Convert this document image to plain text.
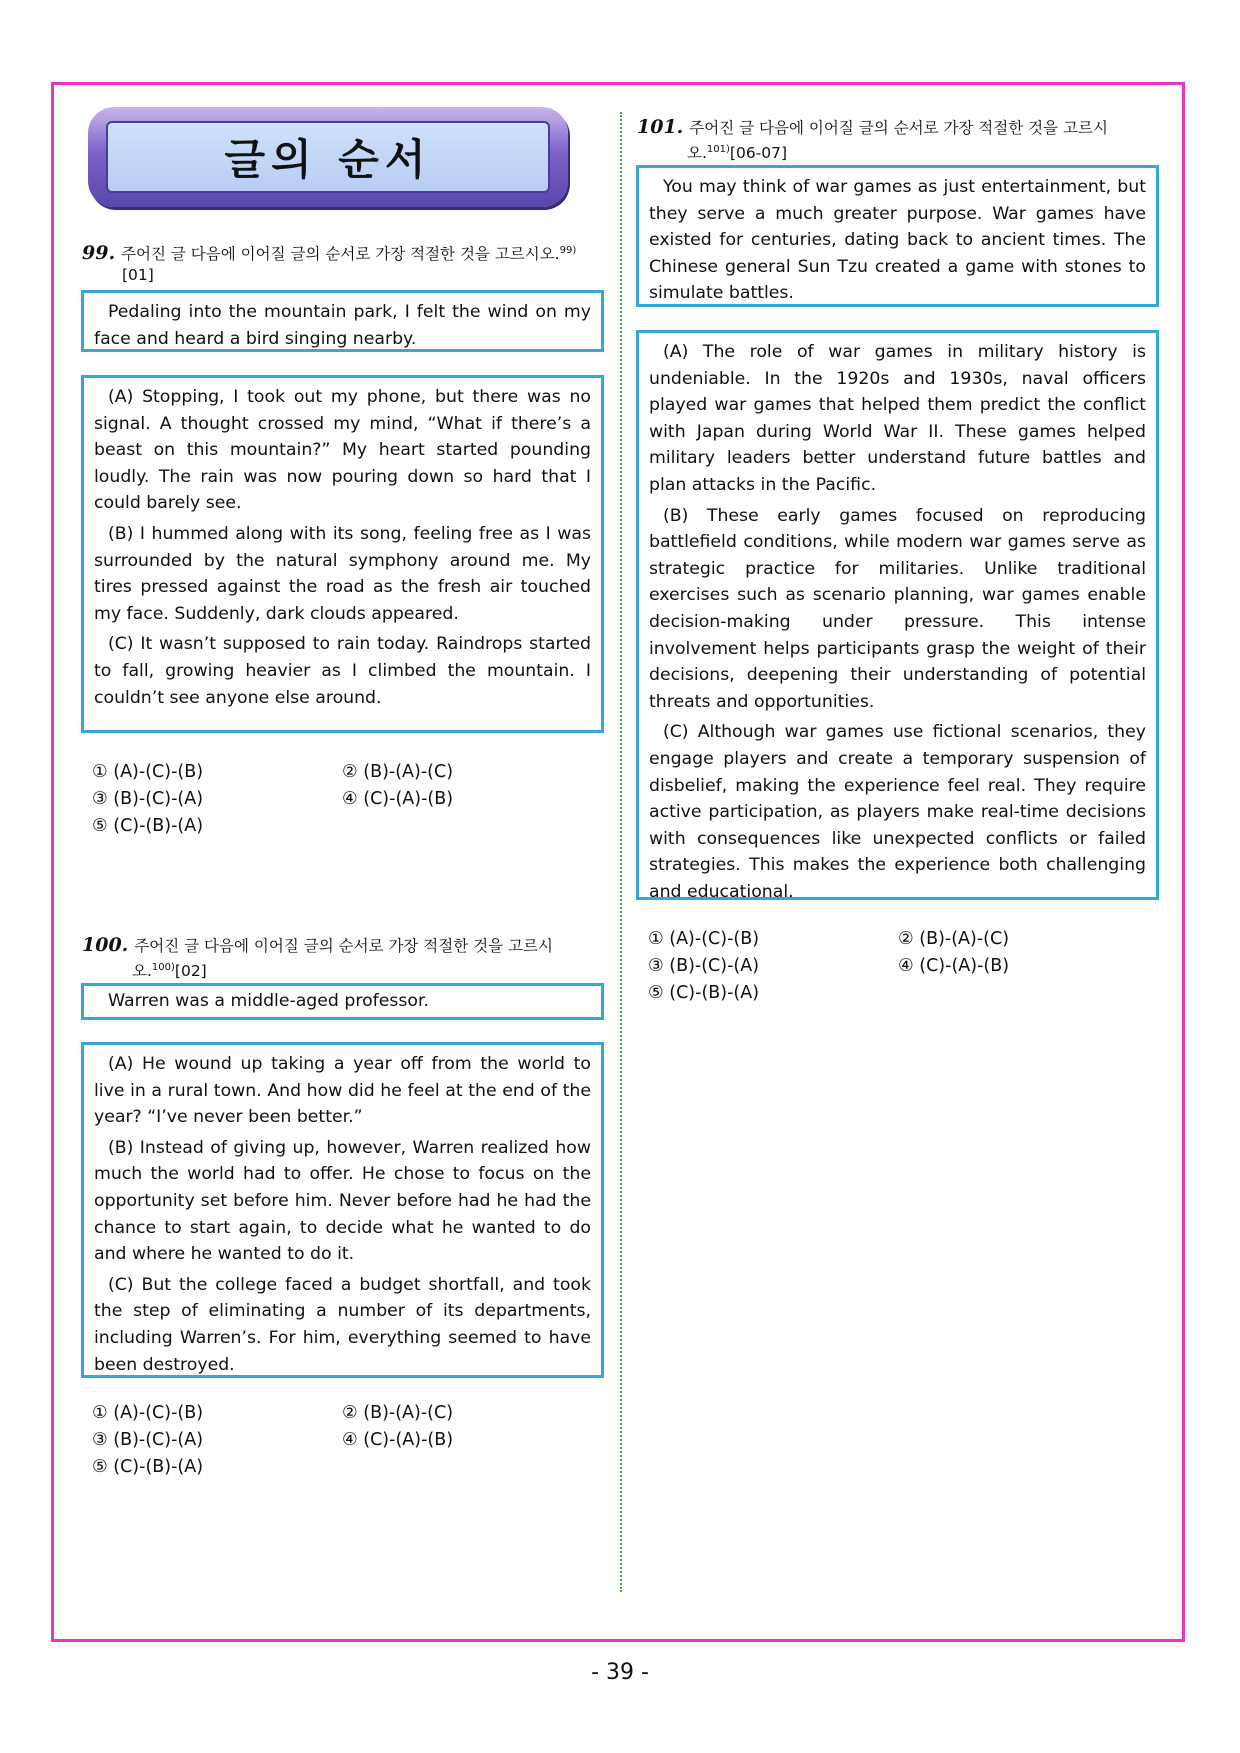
글의 순서
99. 주어진 글 다음에 이어질 글의 순서로 가장 적절한 것을 고르시오.$^{99)}$
[01]

Pedaling into the mountain park, I felt the wind on my face and heard a bird singing nearby.

(A) Stopping, I took out my phone, but there was no signal. A thought crossed my mind, “What if there’s a beast on this mountain?” My heart started pounding loudly. The rain was now pouring down so hard that I could barely see.

(B) I hummed along with its song, feeling free as I was surrounded by the natural symphony around me. My tires pressed against the road as the fresh air touched my face. Suddenly, dark clouds appeared.

(C) It wasn’t supposed to rain today. Raindrops started to fall, growing heavier as I climbed the mountain. I couldn’t see anyone else around.

① (A)-(C)-(B)	② (B)-(A)-(C)
③ (B)-(C)-(A)	④ (C)-(A)-(B)
⑤ (C)-(B)-(A)
100. 주어진 글 다음에 이어질 글의 순서로 가장 적절한 것을 고르시
오.$^{100)}$[02]

Warren was a middle-aged professor.

(A) He wound up taking a year off from the world to live in a rural town. And how did he feel at the end of the year? “I’ve never been better.”

(B) Instead of giving up, however, Warren realized how much the world had to offer. He chose to focus on the opportunity set before him. Never before had he had the chance to start again, to decide what he wanted to do and where he wanted to do it.

(C) But the college faced a budget shortfall, and took the step of eliminating a number of its departments, including Warren’s. For him, everything seemed to have been destroyed.

① (A)-(C)-(B)	② (B)-(A)-(C)
③ (B)-(C)-(A)	④ (C)-(A)-(B)
⑤ (C)-(B)-(A)
101. 주어진 글 다음에 이어질 글의 순서로 가장 적절한 것을 고르시
오.$^{101)}$[06-07]

You may think of war games as just entertainment, but they serve a much greater purpose. War games have existed for centuries, dating back to ancient times. The Chinese general Sun Tzu created a game with stones to simulate battles.

(A) The role of war games in military history is undeniable. In the 1920s and 1930s, naval officers played war games that helped them predict the conflict with Japan during World War II. These games helped military leaders better understand future battles and plan attacks in the Pacific.

(B) These early games focused on reproducing battlefield conditions, while modern war games serve as strategic practice for militaries. Unlike traditional exercises such as scenario planning, war games enable decision-making under pressure. This intense involvement helps participants grasp the weight of their decisions, deepening their understanding of potential threats and opportunities.

(C) Although war games use fictional scenarios, they engage players and create a temporary suspension of disbelief, making the experience feel real. They require active participation, as players make real-time decisions with consequences like unexpected conflicts or failed strategies. This makes the experience both challenging and educational.

① (A)-(C)-(B)	② (B)-(A)-(C)
③ (B)-(C)-(A)	④ (C)-(A)-(B)
⑤ (C)-(B)-(A)
- 39 -
